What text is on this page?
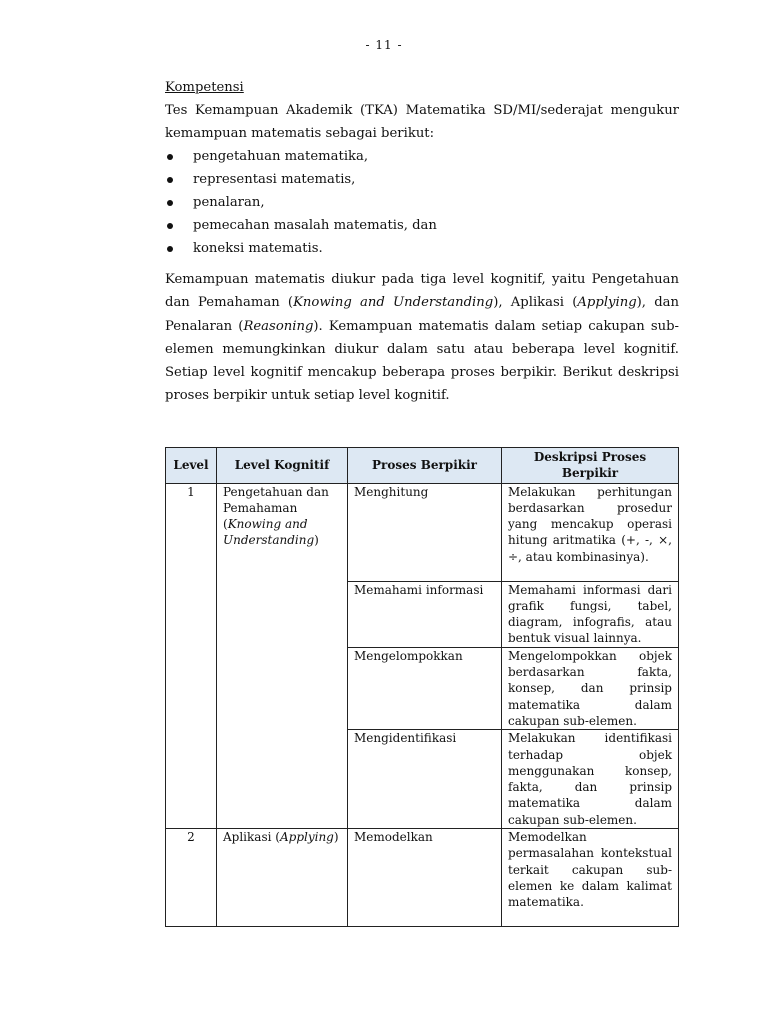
- 11 -

Kompetensi

Tes Kemampuan Akademik (TKA) Matematika SD/MI/sederajat mengukur kemampuan matematis sebagai berikut:

pengetahuan matematika,
representasi matematis,
penalaran,
pemecahan masalah matematis, dan
koneksi matematis.

Kemampuan matematis diukur pada tiga level kognitif, yaitu Pengetahuan dan Pemahaman (Knowing and Understanding), Aplikasi (Applying), dan Penalaran (Reasoning). Kemampuan matematis dalam setiap cakupan sub-elemen memungkinkan diukur dalam satu atau beberapa level kognitif. Setiap level kognitif mencakup beberapa proses berpikir. Berikut deskripsi proses berpikir untuk setiap level kognitif.

Level	Level Kognitif	Proses Berpikir	Deskripsi Proses Berpikir
1	Pengetahuan dan Pemahaman (Knowing and Understanding)	Menghitung	Melakukan perhitungan berdasarkan prosedur yang mencakup operasi hitung aritmatika (+, -, ×, ÷, atau kombinasinya).
		Memahami informasi	Memahami informasi dari grafik fungsi, tabel, diagram, infografis, atau bentuk visual lainnya.
		Mengelompokkan	Mengelompokkan objek berdasarkan fakta, konsep, dan prinsip matematika dalam cakupan sub-elemen.
		Mengidentifikasi	Melakukan identifikasi terhadap objek menggunakan konsep, fakta, dan prinsip matematika dalam cakupan sub-elemen.
2	Aplikasi (Applying)	Memodelkan	Memodelkan permasalahan kontekstual terkait cakupan sub-elemen ke dalam kalimat matematika.
